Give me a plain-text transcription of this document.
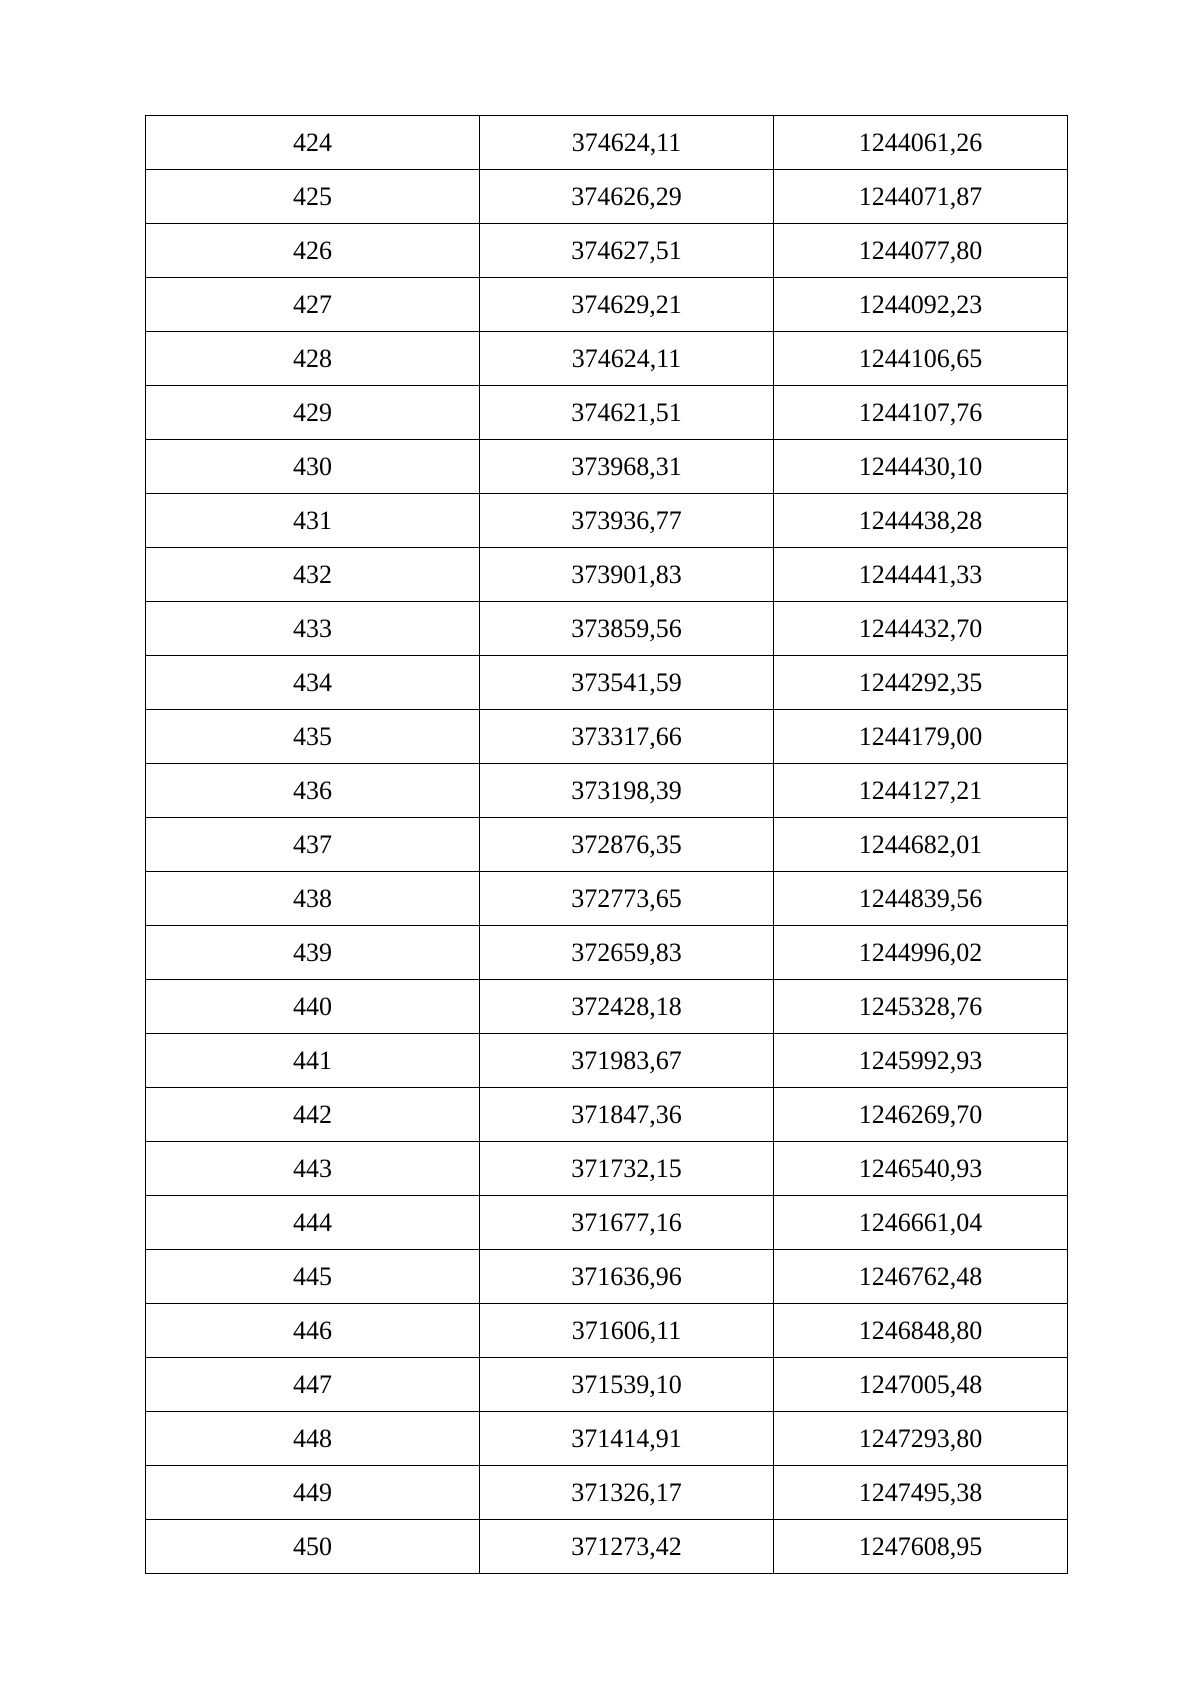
424	374624,11	1244061,26
425	374626,29	1244071,87
426	374627,51	1244077,80
427	374629,21	1244092,23
428	374624,11	1244106,65
429	374621,51	1244107,76
430	373968,31	1244430,10
431	373936,77	1244438,28
432	373901,83	1244441,33
433	373859,56	1244432,70
434	373541,59	1244292,35
435	373317,66	1244179,00
436	373198,39	1244127,21
437	372876,35	1244682,01
438	372773,65	1244839,56
439	372659,83	1244996,02
440	372428,18	1245328,76
441	371983,67	1245992,93
442	371847,36	1246269,70
443	371732,15	1246540,93
444	371677,16	1246661,04
445	371636,96	1246762,48
446	371606,11	1246848,80
447	371539,10	1247005,48
448	371414,91	1247293,80
449	371326,17	1247495,38
450	371273,42	1247608,95
